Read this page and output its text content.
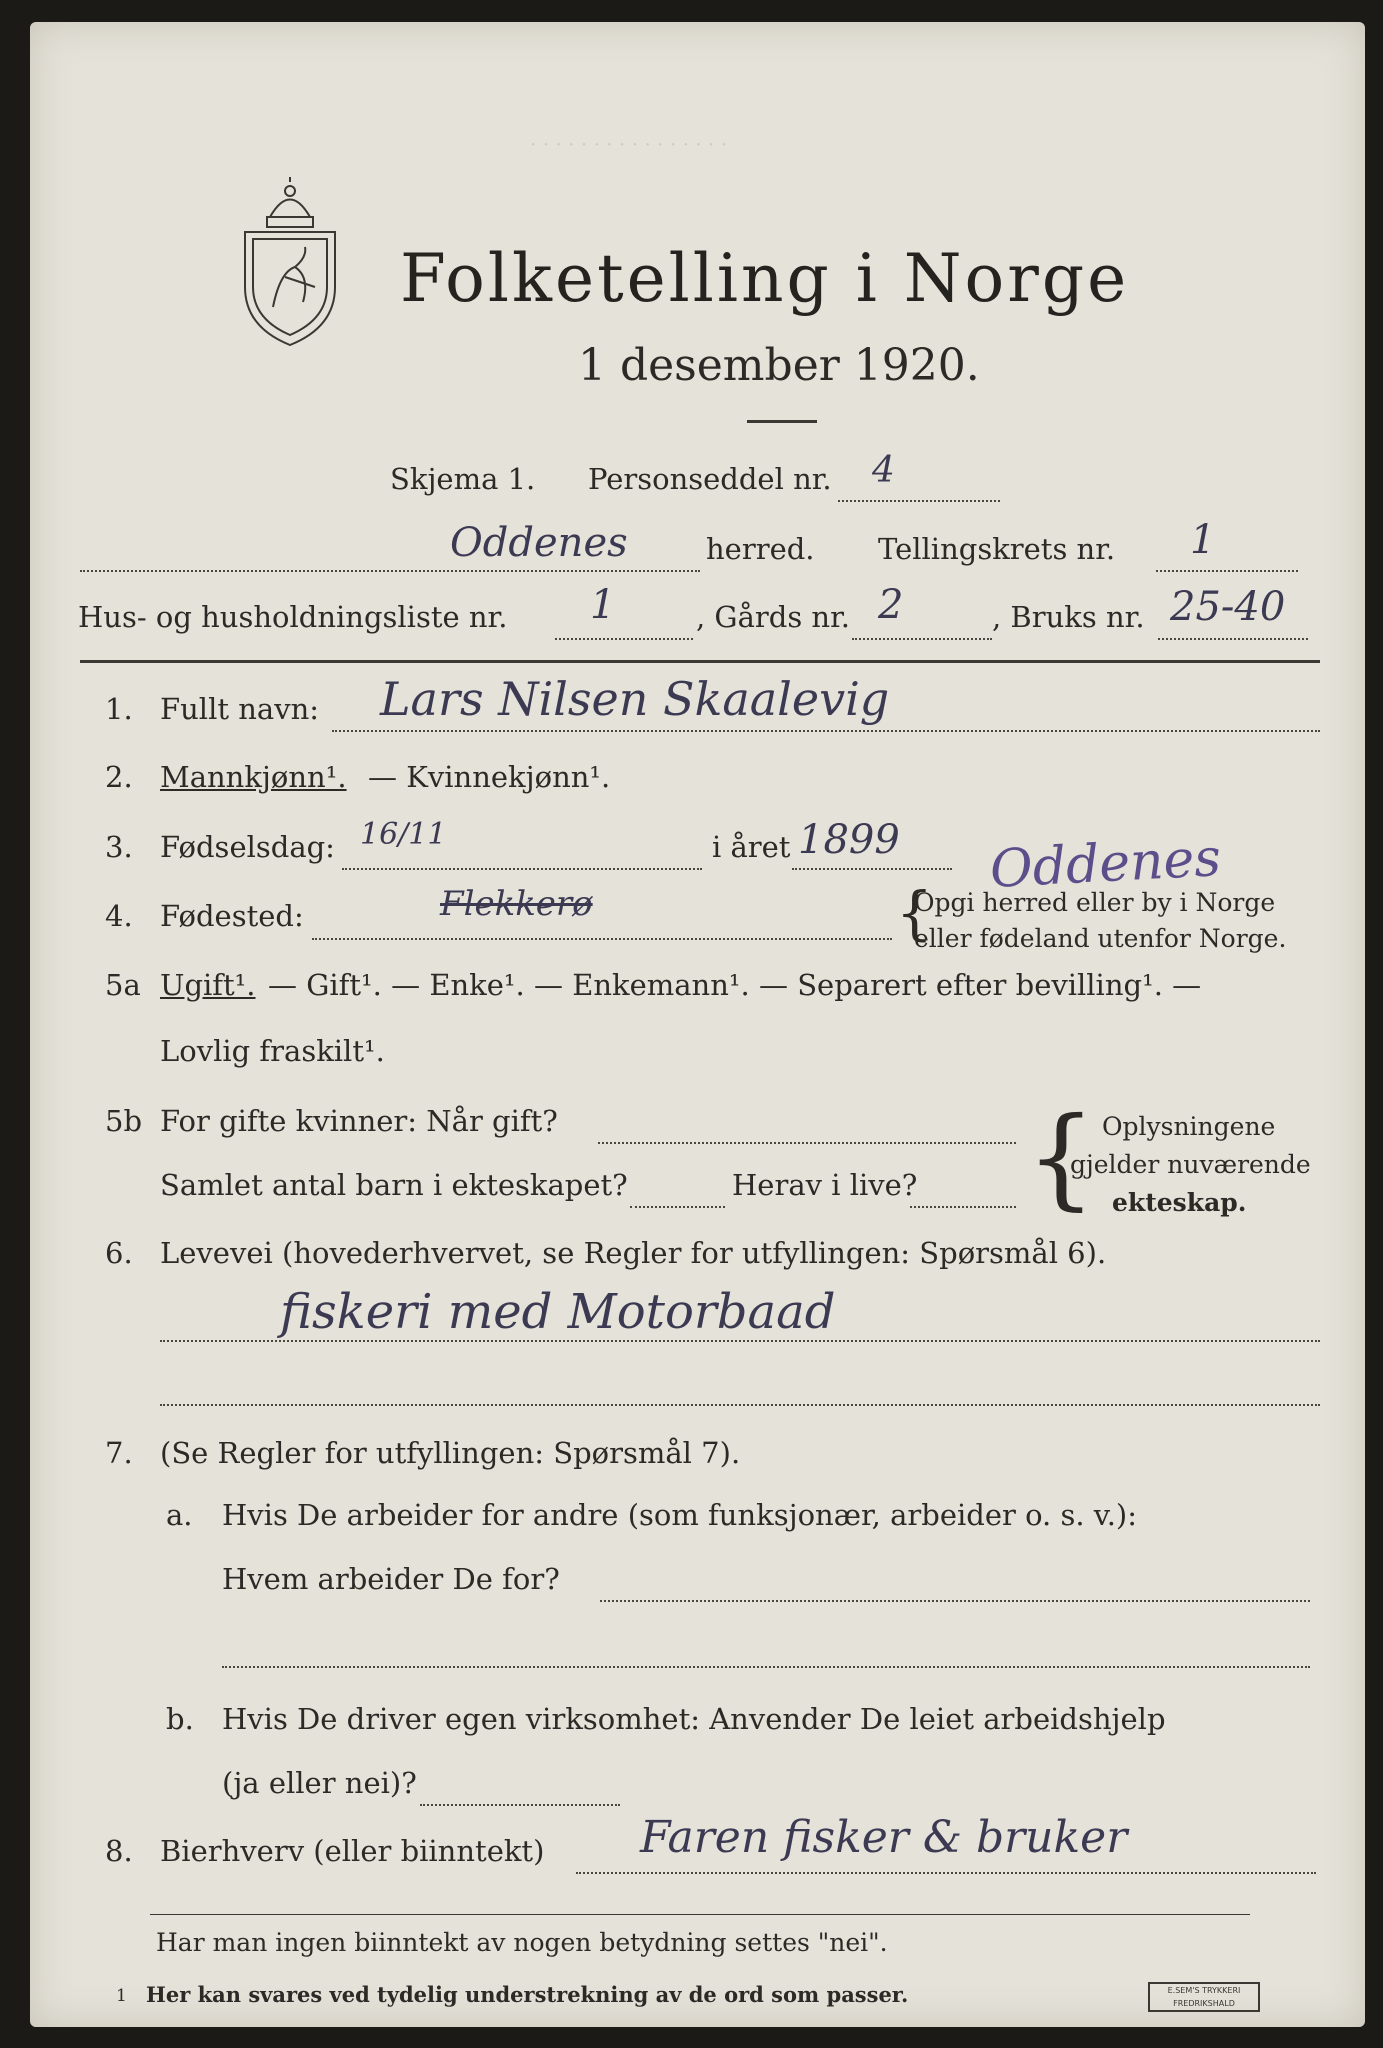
· · · · · · · · · · · · · · · ·
Folketelling i Norge
1 desember 1920.
Skjema 1. Personseddel nr. 4
Oddenes	herred. Tellingskrets nr. 1
Hus- og husholdningsliste nr. 1	, Gårds nr. 2	, Bruks nr. 25-40
1. Fullt navn: Lars Nilsen Skaalevig
2. Mannkjønn¹. — Kvinnekjønn¹.
3. Fødselsdag: 16/11	i året 1899 Oddenes
4. Fødested:	Flekkerø	{
Opgi herred eller by i Norge
eller fødeland utenfor Norge.
5a Ugift¹. — Gift¹. — Enke¹. — Enkemann¹. — Separert efter bevilling¹. —
Lovlig fraskilt¹.
5b For gifte kvinner: Når gift?
Samlet antal barn i ekteskapet?	Herav i live? { Oplysningene
gjelder nuværende
ekteskap.
6. Levevei (hovederhvervet, se Regler for utfyllingen: Spørsmål 6).
fiskeri med Motorbaad
7. (Se Regler for utfyllingen: Spørsmål 7).
a. Hvis De arbeider for andre (som funksjonær, arbeider o. s. v.):
Hvem arbeider De for?
b. Hvis De driver egen virksomhet: Anvender De leiet arbeidshjelp
(ja eller nei)?
8. Bierhverv (eller biinntekt) Faren fisker & bruker
Har man ingen biinntekt av nogen betydning settes "nei".
1 Her kan svares ved tydelig understrekning av de ord som passer.	E.SEM'S TRYKKERI
FREDRIKSHALD
